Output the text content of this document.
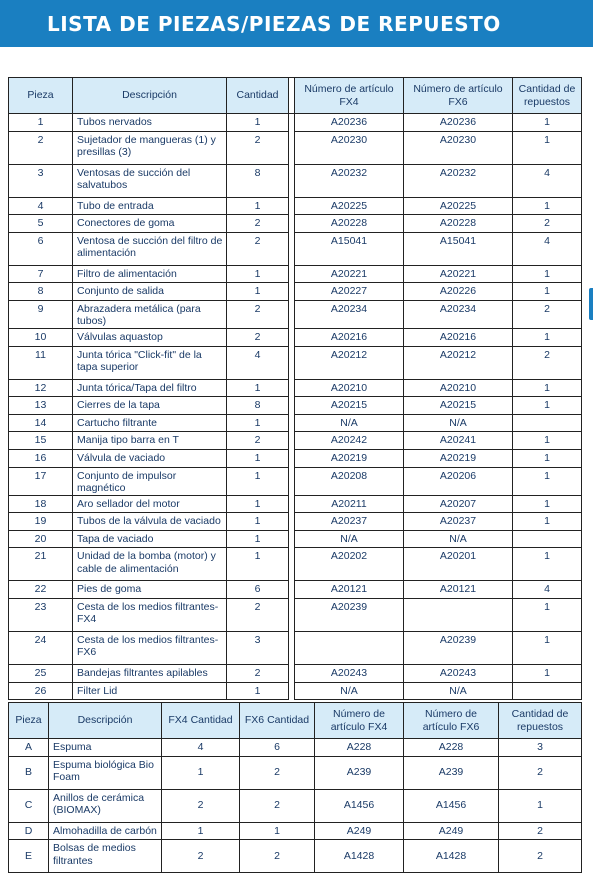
LISTA DE PIEZAS/PIEZAS DE REPUESTO
Pieza	Descripción	Cantidad		Número de artículo FX4	Número de artículo FX6	Cantidad de repuestos
1	Tubos nervados	1		A20236	A20236	1
2	Sujetador de mangueras (1) y presillas (3)	2		A20230	A20230	1
3	Ventosas de succión del salvatubos	8		A20232	A20232	4
4	Tubo de entrada	1		A20225	A20225	1
5	Conectores de goma	2		A20228	A20228	2
6	Ventosa de succión del filtro de alimentación	2		A15041	A15041	4
7	Filtro de alimentación	1		A20221	A20221	1
8	Conjunto de salida	1		A20227	A20226	1
9	Abrazadera metálica (para tubos)	2		A20234	A20234	2
10	Válvulas aquastop	2		A20216	A20216	1
11	Junta tórica "Click-fit" de la tapa superior	4		A20212	A20212	2
12	Junta tórica/Tapa del filtro	1		A20210	A20210	1
13	Cierres de la tapa	8		A20215	A20215	1
14	Cartucho filtrante	1		N/A	N/A	
15	Manija tipo barra en T	2		A20242	A20241	1
16	Válvula de vaciado	1		A20219	A20219	1
17	Conjunto de impulsor magnético	1		A20208	A20206	1
18	Aro sellador del motor	1		A20211	A20207	1
19	Tubos de la válvula de vaciado	1		A20237	A20237	1
20	Tapa de vaciado	1		N/A	N/A	
21	Unidad de la bomba (motor) y cable de alimentación	1		A20202	A20201	1
22	Pies de goma	6		A20121	A20121	4
23	Cesta de los medios filtrantes-FX4	2		A20239		1
24	Cesta de los medios filtrantes-FX6	3			A20239	1
25	Bandejas filtrantes apilables	2		A20243	A20243	1
26	Filter Lid	1		N/A	N/A	
Pieza	Descripción	FX4 Cantidad	FX6 Cantidad	Número de artículo FX4	Número de artículo FX6	Cantidad de repuestos
A	Espuma	4	6	A228	A228	3
B	Espuma biológica Bio Foam	1	2	A239	A239	2
C	Anillos de cerámica (BIOMAX)	2	2	A1456	A1456	1
D	Almohadilla de carbón	1	1	A249	A249	2
E	Bolsas de medios filtrantes	2	2	A1428	A1428	2
